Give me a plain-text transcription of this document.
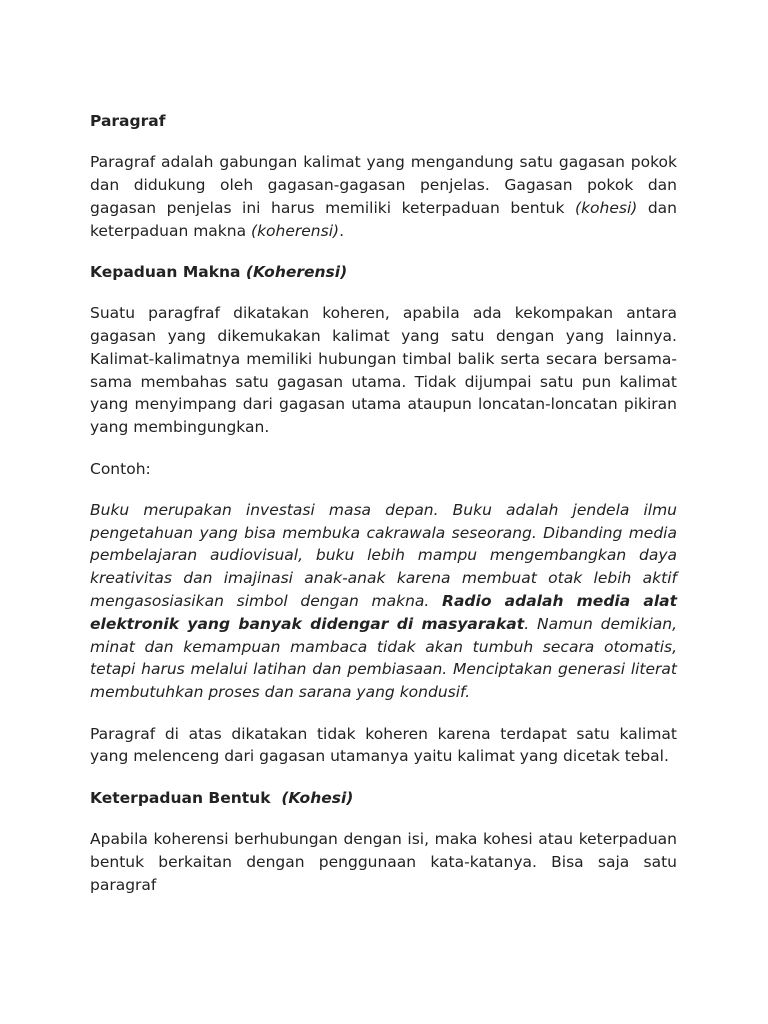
Paragraf

Paragraf adalah gabungan kalimat yang mengandung satu gagasan pokok dan didukung oleh gagasan-gagasan penjelas. Gagasan pokok dan gagasan penjelas ini harus memiliki keterpaduan bentuk (kohesi) dan keterpaduan makna (koherensi).

Kepaduan Makna (Koherensi)

Suatu paragfraf dikatakan koheren, apabila ada kekompakan antara gagasan yang dikemukakan kalimat yang satu dengan yang lainnya. Kalimat-kalimatnya memiliki hubungan timbal balik serta secara bersama-sama membahas satu gagasan utama. Tidak dijumpai satu pun kalimat yang menyimpang dari gagasan utama ataupun loncatan-loncatan pikiran yang membingungkan.

Contoh:

Buku merupakan investasi masa depan. Buku adalah jendela ilmu pengetahuan yang bisa membuka cakrawala seseorang. Dibanding media pembelajaran audiovisual, buku lebih mampu mengembangkan daya kreativitas dan imajinasi anak-anak karena membuat otak lebih aktif mengasosiasikan simbol dengan makna. Radio adalah media alat elektronik yang banyak didengar di masyarakat. Namun demikian, minat dan kemampuan mambaca tidak akan tumbuh secara otomatis, tetapi harus melalui latihan dan pembiasaan. Menciptakan generasi literat membutuhkan proses dan sarana yang kondusif.

Paragraf di atas dikatakan tidak koheren karena terdapat satu kalimat yang melenceng dari gagasan utamanya yaitu kalimat yang dicetak tebal.

Keterpaduan Bentuk  (Kohesi)

Apabila koherensi berhubungan dengan isi, maka kohesi atau keterpaduan bentuk berkaitan dengan penggunaan kata-katanya. Bisa saja satu paragraf
